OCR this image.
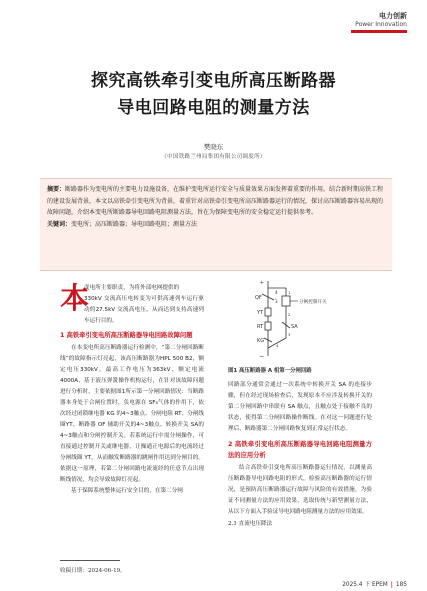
电力创新
Power Innovation
探究高铁牵引变电所高压断路器
导电回路电阻的测量方法
樊晓东
（中国铁路兰州局集团有限公司调度所）
摘要：断路器作为变电所的主要电力设施设备，在维护变电所运行安全与质量效果方面发挥着重要的作用。结合新时期高铁工程的建设发展背景，本文以高铁牵引变电所为背景，着重针对高铁牵引变电所高压断路器运行的情况，探讨高压断路器容易出现的故障问题，介绍本变电所断路器导电回路电阻测量方法，旨在为保障变电所的安全稳定运行提供参考。
关键词：变电所；高压断路器；导电回路电阻；测量方法
本

变电所主要职责，为将外部电网提供的

330kV 交流高压电转变为可供高速列车运行驱动的27.5kV 交流高电压，从而达到支持高速列车运行目的。

1 高铁牵引变电所高压断路器导电回路故障问题

在本变电所高压断路器运行检测中，“第二分闸回路断线”的故障指示灯亮起，该高压断路器为HPL 500 B2，额定电压330kV，最高工作电压为363kV，额定电流4000A，基于液压弹簧操作机构运行，在针对该故障问题进行分析时，主要依据图1所示第一分闸回路情况：当断路器本身处于合闸位置时，负电源在 SF₆气体的作用下，依次经过闭锁继电器 KG 的4~3触点、分闸电阻 RT、分闸线圈YT、断路器 OF 辅助开关的4~3触点、转换开关 SA的4~3触点和分闸控制开关。若系统运行中需分闸操作，可直接通过控制开关或继电器，让操通正电源后的电流经过分闸线圈 YT，从而触发断路器的跳闸作用达到分闸目的。依据这一原理，若第二分闸回路电流流经的任意节点出现断线情况，均会导致故障灯亮起。

基于保障系统整体运行安全目的，在第二分闸

+
−
QF
4
3
YT
RT
KG
分闸控制开关
SA
1
2
3
4
图1 高压断路器 A 相第一分闸回路

回路部分通常会通过一次系统中转换开关 SA 的连接步骤，但在经过现场检查后，发现原本不应涉及转换开关的第二分闸回路中串联有 SA 触点，且触点处于接触不良的状态，使得第二分闸回路操作断线。在对这一问题进行处理后，断路器第二分闸回路恢复到正常运行状态。

2 高铁牵引变电所高压断路器导电回路电阻测量方法的应用分析

结合高铁牵引变电所高压断路器运行情况，以测量高压断路器导电回路电阻的形式，检验高压断路器的运行情况，是预防高压断路器运行故障与风险的有效措施。为验证不同测量方法的应用效果，选取传统与新型测量方法，从以下方面入手验证导电回路电阻测量方法的应用效果。

2.1 直流电压降法
收稿日期：2024-06-19。
2025.4 下 EPEM | 185
